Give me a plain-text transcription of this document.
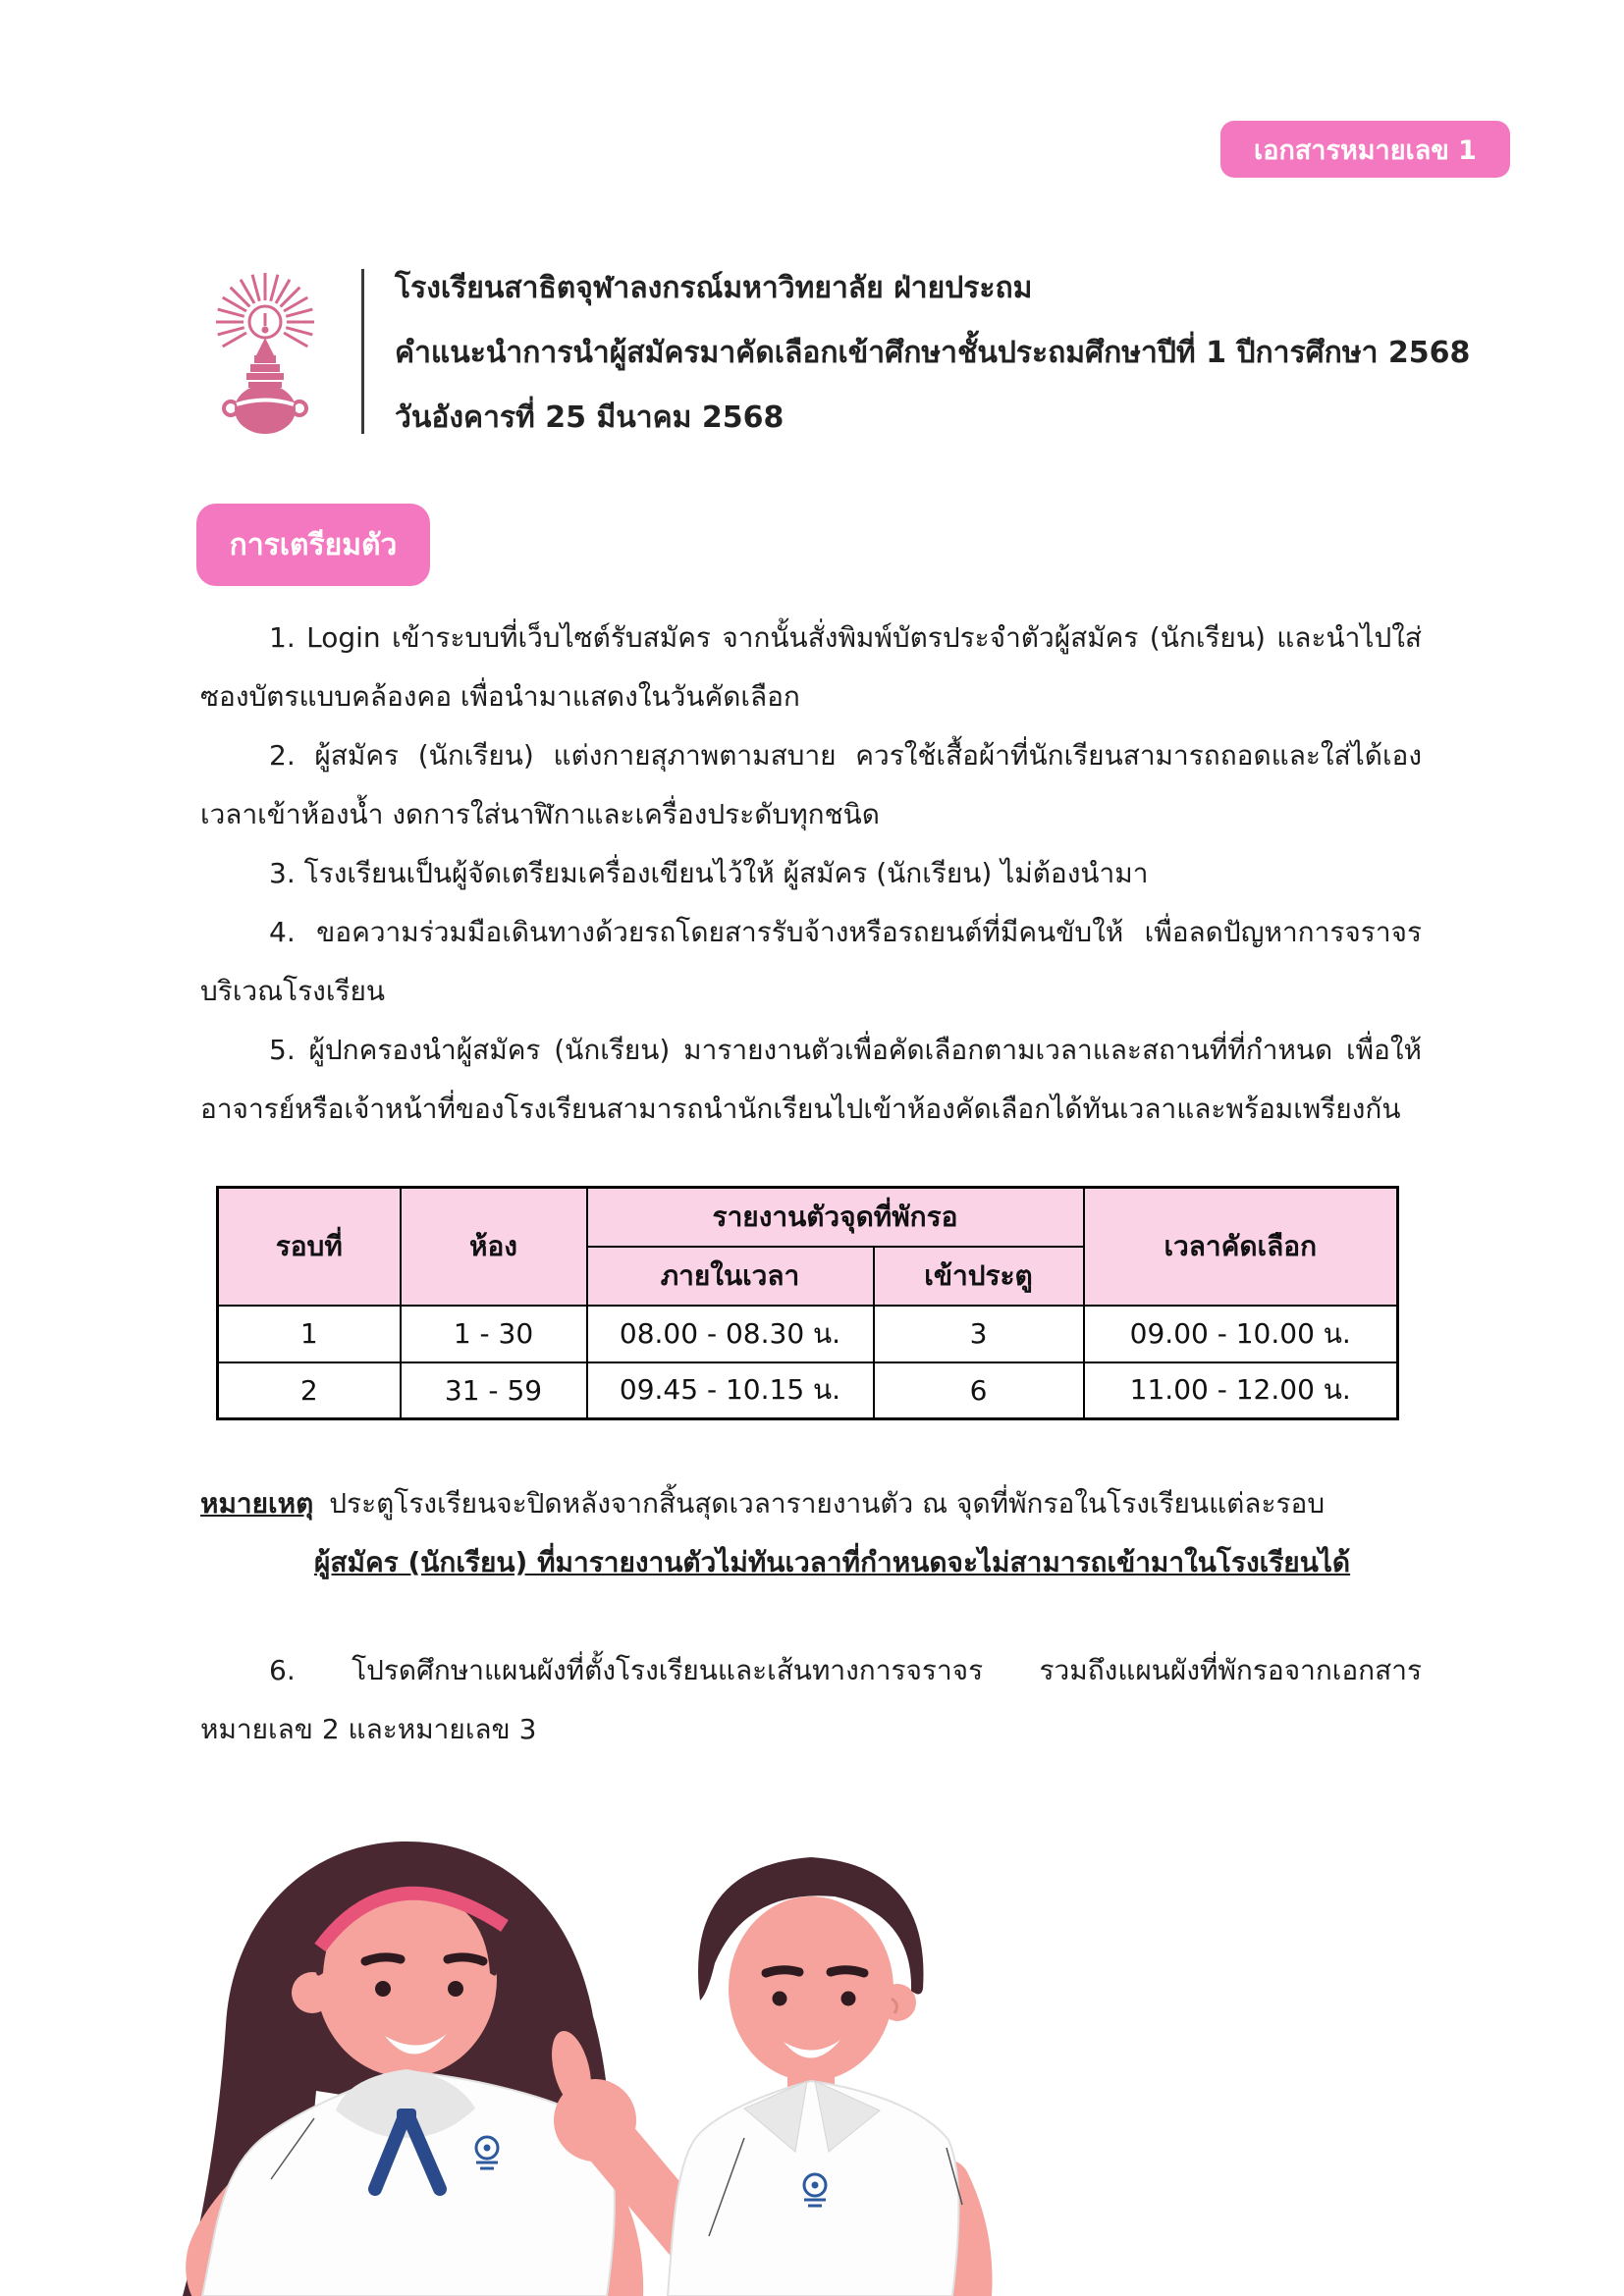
เอกสารหมายเลข 1
โรงเรียนสาธิตจุฬาลงกรณ์มหาวิทยาลัย ฝ่ายประถม
คำแนะนำการนำผู้สมัครมาคัดเลือกเข้าศึกษาชั้นประถมศึกษาปีที่ 1 ปีการศึกษา 2568
วันอังคารที่ 25 มีนาคม 2568
การเตรียมตัว

1. Login เข้าระบบที่เว็บไซต์รับสมัคร จากนั้นสั่งพิมพ์บัตรประจำตัวผู้สมัคร (นักเรียน) และนำไปใส่ซองบัตรแบบคล้องคอ เพื่อนำมาแสดงในวันคัดเลือก

2. ผู้สมัคร (นักเรียน) แต่งกายสุภาพตามสบาย ควรใช้เสื้อผ้าที่นักเรียนสามารถถอดและใส่ได้เอง เวลาเข้าห้องน้ำ งดการใส่นาฬิกาและเครื่องประดับทุกชนิด

3. โรงเรียนเป็นผู้จัดเตรียมเครื่องเขียนไว้ให้ ผู้สมัคร (นักเรียน) ไม่ต้องนำมา

4. ขอความร่วมมือเดินทางด้วยรถโดยสารรับจ้างหรือรถยนต์ที่มีคนขับให้ เพื่อลดปัญหาการจราจรบริเวณโรงเรียน

5. ผู้ปกครองนำผู้สมัคร (นักเรียน) มารายงานตัวเพื่อคัดเลือกตามเวลาและสถานที่ที่กำหนด เพื่อให้อาจารย์หรือเจ้าหน้าที่ของโรงเรียนสามารถนำนักเรียนไปเข้าห้องคัดเลือกได้ทันเวลาและพร้อมเพรียงกัน

รอบที่	ห้อง	รายงานตัวจุดที่พักรอ		เวลาคัดเลือก
		ภายในเวลา	เข้าประตู	
1	1 - 30	08.00 - 08.30 น.	3	09.00 - 10.00 น.
2	31 - 59	09.45 - 10.15 น.	6	11.00 - 12.00 น.
หมายเหตุ ประตูโรงเรียนจะปิดหลังจากสิ้นสุดเวลารายงานตัว ณ จุดที่พักรอในโรงเรียนแต่ละรอบ
ผู้สมัคร (นักเรียน) ที่มารายงานตัวไม่ทันเวลาที่กำหนดจะไม่สามารถเข้ามาในโรงเรียนได้

6. โปรดศึกษาแผนผังที่ตั้งโรงเรียนและเส้นทางการจราจร รวมถึงแผนผังที่พักรอจากเอกสารหมายเลข 2 และหมายเลข 3
